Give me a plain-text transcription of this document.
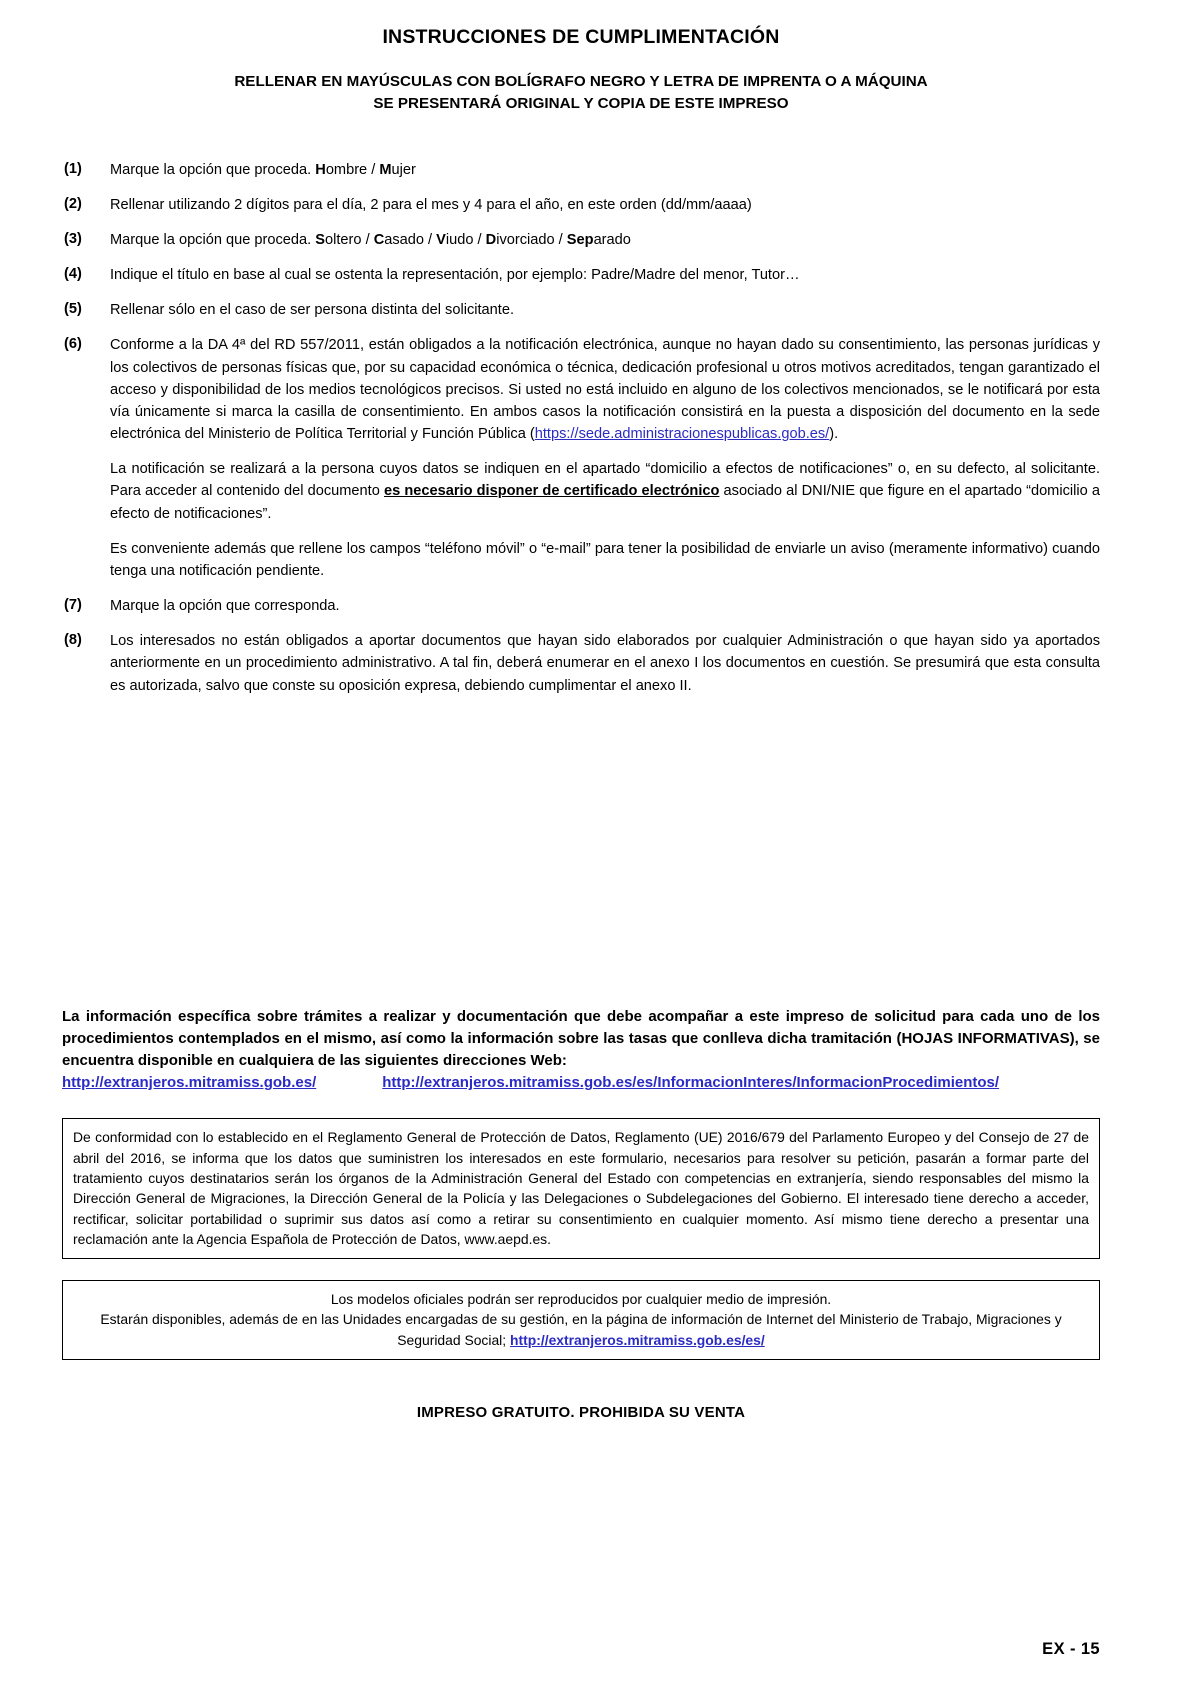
INSTRUCCIONES DE CUMPLIMENTACIÓN
RELLENAR EN MAYÚSCULAS CON BOLÍGRAFO NEGRO Y LETRA DE IMPRENTA O A MÁQUINA
SE PRESENTARÁ ORIGINAL Y COPIA DE ESTE IMPRESO
(1)	Marque la opción que proceda. Hombre / Mujer

(2)	Rellenar utilizando 2 dígitos para el día, 2 para el mes y 4 para el año, en este orden (dd/mm/aaaa)

(3)	Marque la opción que proceda. Soltero / Casado / Viudo / Divorciado / Separado

(4)	Indique el título en base al cual se ostenta la representación, por ejemplo: Padre/Madre del menor, Tutor…

(5)	Rellenar sólo en el caso de ser persona distinta del solicitante.

(6)	Conforme a la DA 4ª del RD 557/2011, están obligados a la notificación electrónica, aunque no hayan dado su consentimiento, las personas jurídicas y los colectivos de personas físicas que, por su capacidad económica o técnica, dedicación profesional u otros motivos acreditados, tengan garantizado el acceso y disponibilidad de los medios tecnológicos precisos. Si usted no está incluido en alguno de los colectivos mencionados, se le notificará por esta vía únicamente si marca la casilla de consentimiento. En ambos casos la notificación consistirá en la puesta a disposición del documento en la sede electrónica del Ministerio de Política Territorial y Función Pública (https://sede.administracionespublicas.gob.es/).

La notificación se realizará a la persona cuyos datos se indiquen en el apartado “domicilio a efectos de notificaciones” o, en su defecto, al solicitante. Para acceder al contenido del documento es necesario disponer de certificado electrónico asociado al DNI/NIE que figure en el apartado “domicilio a efecto de notificaciones”.

Es conveniente además que rellene los campos “teléfono móvil” o “e-mail” para tener la posibilidad de enviarle un aviso (meramente informativo) cuando tenga una notificación pendiente.

(7)	Marque la opción que corresponda.

(8)	Los interesados no están obligados a aportar documentos que hayan sido elaborados por cualquier Administración o que hayan sido ya aportados anteriormente en un procedimiento administrativo. A tal fin, deberá enumerar en el anexo I los documentos en cuestión. Se presumirá que esta consulta es autorizada, salvo que conste su oposición expresa, debiendo cumplimentar el anexo II.

La información específica sobre trámites a realizar y documentación que debe acompañar a este impreso de solicitud para cada uno de los procedimientos contemplados en el mismo, así como la información sobre las tasas que conlleva dicha tramitación (HOJAS INFORMATIVAS), se encuentra disponible en cualquiera de las siguientes direcciones Web:
http://extranjeros.mitramiss.gob.es/	http://extranjeros.mitramiss.gob.es/es/InformacionInteres/InformacionProcedimientos/

De conformidad con lo establecido en el Reglamento General de Protección de Datos, Reglamento (UE) 2016/679 del Parlamento Europeo y del Consejo de 27 de abril del 2016, se informa que los datos que suministren los interesados en este formulario, necesarios para resolver su petición, pasarán a formar parte del tratamiento cuyos destinatarios serán los órganos de la Administración General del Estado con competencias en extranjería, siendo responsables del mismo la Dirección General de Migraciones, la Dirección General de la Policía y las Delegaciones o Subdelegaciones del Gobierno. El interesado tiene derecho a acceder, rectificar, solicitar portabilidad o suprimir sus datos así como a retirar su consentimiento en cualquier momento. Así mismo tiene derecho a presentar una reclamación ante la Agencia Española de Protección de Datos, www.aepd.es.

Los modelos oficiales podrán ser reproducidos por cualquier medio de impresión.

Estarán disponibles, además de en las Unidades encargadas de su gestión, en la página de información de Internet del Ministerio de Trabajo, Migraciones y

Seguridad Social; http://extranjeros.mitramiss.gob.es/es/

IMPRESO GRATUITO. PROHIBIDA SU VENTA
EX - 15
